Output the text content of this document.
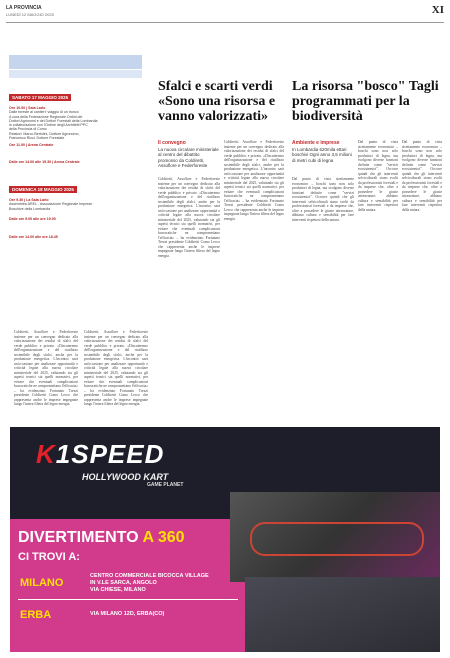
LA PROVINCIA
LUNEDÌ 12 MAGGIO 2025	XI
SABATO 17 MAGGIO 2025

Ore 10.00 | Sala Larlo

Dalle foreste ai cantieri: viaggio di un tronco

A cura della Federazione Regionale Ordini dei

Dottori Agronomi e dei Dottori Forestali della Lombardia

in collaborazione con l'Ordine degli Architetti PPC

della Provincia di Como

Relatori: Marco Bertolini, Dottore Agronomo,

Francesco Rizzi, Dottore Forestale

Ore 11.00 | Arena Centrale

Dalle ore 14.00 alle 15.30 | Arena Centrale

DOMENICA 18 MAGGIO 2025

Ore 9.30 | La Sala Larlo

Assemblea AREL - Associazione Regionale Imprese

Boschive della Lombardia

Dalle ore 9.00 alle ore 19.00

Dalle ore 14.00 alle ore 18.45

Sfalci e scarti verdi «Sono una risorsa e vanno valorizzati»
Il convegno
La nuova circolare ministeriale al centro del dibattito promosso da Coldiretti, Assoflore e Federforeste
Coldiretti, Assoflore e Federforeste insieme per un convegno dedicato alla valorizzazione dei residui di sfalci del verde pubblico e privato. «Discuteremo dell'organizzazione e del riutilizzo sostenibile degli sfalci, anche per la produzione energetica. L'incontro sarà un'occasione per analizzare opportunità e criticità legate alla nuova circolare ministeriale del 2025, valutando sia gli aspetti tecnici sia quelli normativi, per evitare che eventuali complicazioni burocratiche ne compromettano l'efficacia» – ha evidenziato Fortunato Trezzi presidente Coldiretti Como Lecco che rappresenta anche le imprese impegnate lungo l'intera filiera del legno energia.
Coldiretti, Assoflore e Federforeste insieme per un convegno dedicato alla valorizzazione dei residui di sfalci del verde pubblico e privato. «Discuteremo dell'organizzazione e del riutilizzo sostenibile degli sfalci, anche per la produzione energetica. L'incontro sarà un'occasione per analizzare opportunità e criticità legate alla nuova circolare ministeriale del 2025, valutando sia gli aspetti tecnici sia quelli normativi, per evitare che eventuali complicazioni burocratiche ne compromettano l'efficacia» – ha evidenziato Fortunato Trezzi presidente Coldiretti Como Lecco che rappresenta anche le imprese impegnate lungo l'intera filiera del legno energia.
Coldiretti, Assoflore e Federforeste insieme per un convegno dedicato alla valorizzazione dei residui di sfalci del verde pubblico e privato. «Discuteremo dell'organizzazione e del riutilizzo sostenibile degli sfalci, anche per la produzione energetica. L'incontro sarà un'occasione per analizzare opportunità e criticità legate alla nuova circolare ministeriale del 2025, valutando sia gli aspetti tecnici sia quelli normativi, per evitare che eventuali complicazioni burocratiche ne compromettano l'efficacia» – ha evidenziato Fortunato Trezzi presidente Coldiretti Como Lecco che rappresenta anche le imprese impegnate lungo l'intera filiera del legno energia.
Coldiretti, Assoflore e Federforeste insieme per un convegno dedicato alla valorizzazione dei residui di sfalci del verde pubblico e privato. «Discuteremo dell'organizzazione e del riutilizzo sostenibile degli sfalci, anche per la produzione energetica. L'incontro sarà un'occasione per analizzare opportunità e criticità legate alla nuova circolare ministeriale del 2025, valutando sia gli aspetti tecnici sia quelli normativi, per evitare che eventuali complicazioni burocratiche ne compromettano l'efficacia» – ha evidenziato Fortunato Trezzi presidente Coldiretti Como Lecco che rappresenta anche le imprese impegnate lungo l'intera filiera del legno energia.
La risorsa "bosco" Tagli programmati per la biodiversità
Ambiente e imprese
In Lombardia 620mila ettari boschivi Ogni anno 3,5 milioni di metri cubi di legna
Dal punto di vista strettamente economico – boschi sono non solo produttori di legna, ma svolgono diverse funzioni definite come "servizi ecosistemici". Occorre quindi che gli interventi selvicolturali siano svolti da professionisti forestali e da imprese che, oltre a possedere le giuste attrezzature, abbiano cultura e sensibilità per fare interventi rispettosi della natura.
Dal punto di vista strettamente economico – boschi sono non solo produttori di legna, ma svolgono diverse funzioni definite come "servizi ecosistemici". Occorre quindi che gli interventi selvicolturali siano svolti da professionisti forestali e da imprese che, oltre a possedere le giuste attrezzature, abbiano cultura e sensibilità per fare interventi rispettosi della natura.
Dal punto di vista strettamente economico – boschi sono non solo produttori di legna, ma svolgono diverse funzioni definite come "servizi ecosistemici". Occorre quindi che gli interventi selvicolturali siano svolti da professionisti forestali e da imprese che, oltre a possedere le giuste attrezzature, abbiano cultura e sensibilità per fare interventi rispettosi della natura.
K1SPEED
HOLLYWOOD KART
GAME PLANET
DIVERTIMENTO A 360
CI TROVI A:
MILANO
CENTRO COMMERCIALE BICOCCA VILLAGE
IN V.LE SARCA, ANGOLO
VIA CHIESE, MILANO
ERBA	VIA MILANO 12D, ERBA(CO)
